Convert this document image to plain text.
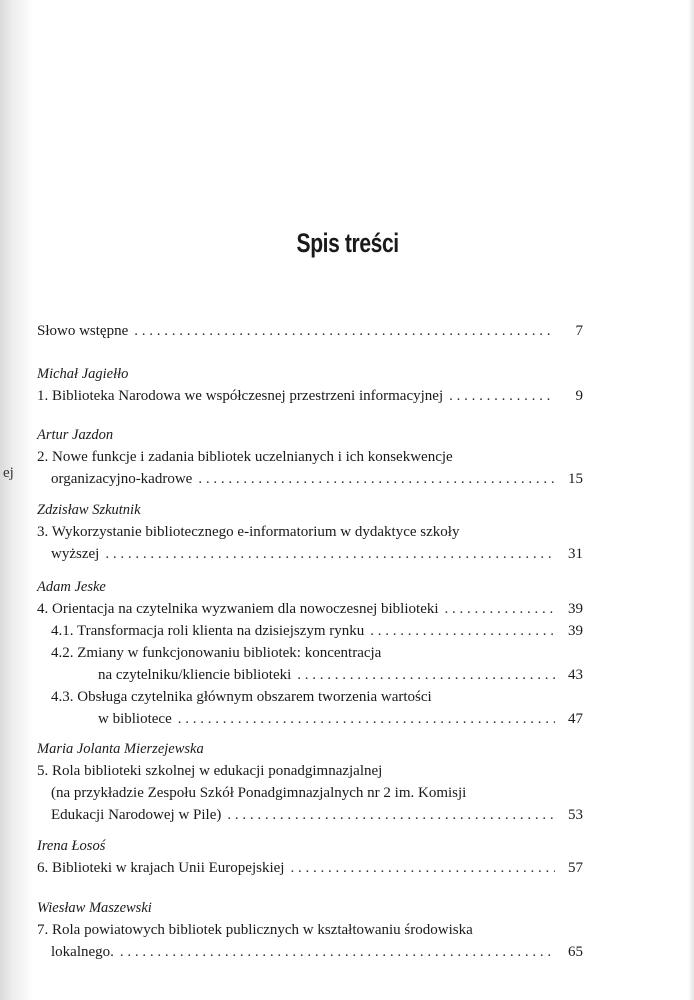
ej
Spis treści
Słowo wstępne . . .	7
Michał Jagiełło
1. Biblioteka Narodowa we współczesnej przestrzeni informacyjnej . . .	9
Artur Jazdon
2. Nowe funkcje i zadania bibliotek uczelnianych i ich konsekwencje
organizacyjno-kadrowe . . .	15
Zdzisław Szkutnik
3. Wykorzystanie bibliotecznego e-informatorium w dydaktyce szkoły
wyższej . . .	31
Adam Jeske
4. Orientacja na czytelnika wyzwaniem dla nowoczesnej biblioteki . . .	39
4.1. Transformacja roli klienta na dzisiejszym rynku . . .	39
4.2. Zmiany w funkcjonowaniu bibliotek: koncentracja
na czytelniku/kliencie biblioteki . . .	43
4.3. Obsługa czytelnika głównym obszarem tworzenia wartości
w bibliotece . . .	47
Maria Jolanta Mierzejewska
5. Rola biblioteki szkolnej w edukacji ponadgimnazjalnej
(na przykładzie Zespołu Szkół Ponadgimnazjalnych nr 2 im. Komisji
Edukacji Narodowej w Pile) . . .	53
Irena Łosoś
6. Biblioteki w krajach Unii Europejskiej . . .	57
Wiesław Maszewski
7. Rola powiatowych bibliotek publicznych w kształtowaniu środowiska
lokalnego. . . .	65
